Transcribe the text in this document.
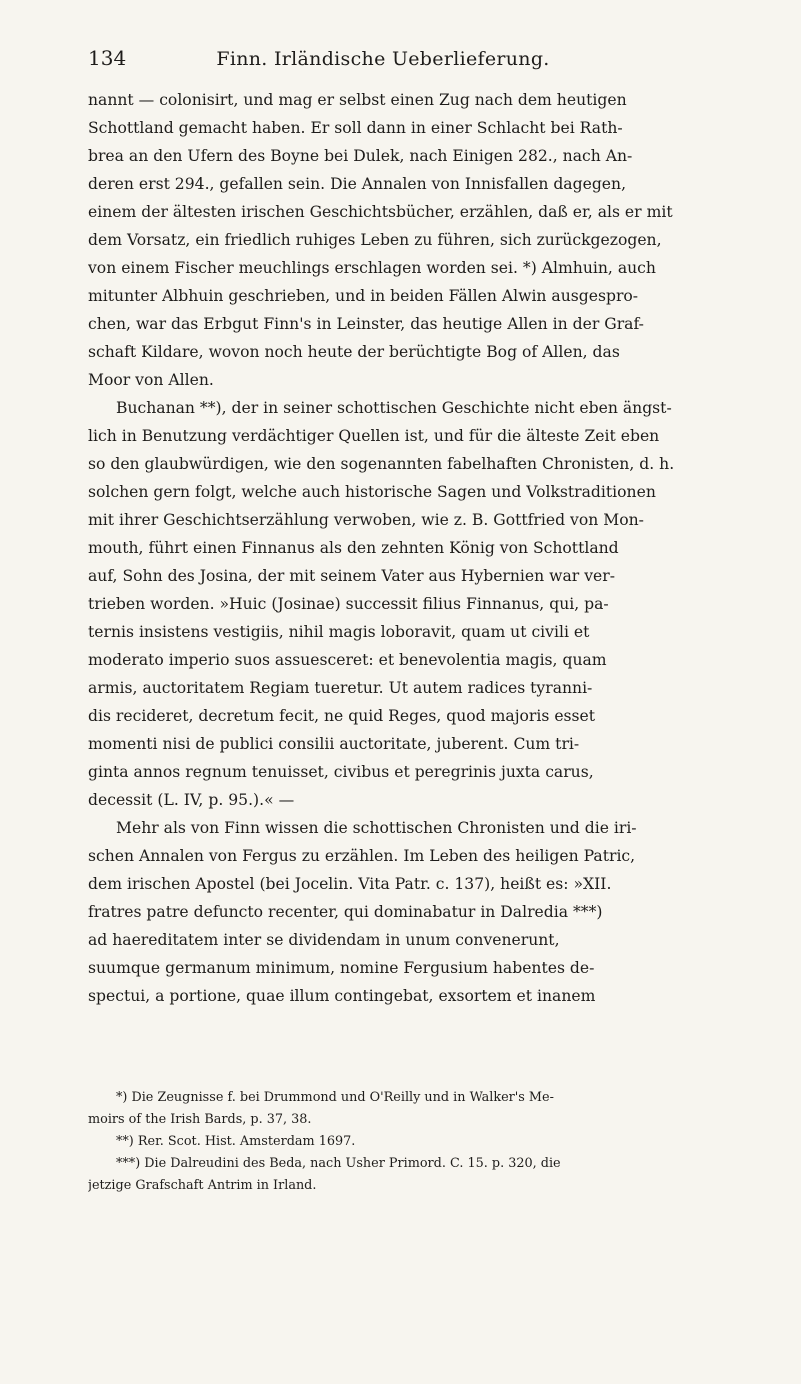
134	Finn. Irländische Ueberlieferung.
nannt — colonisirt, und mag er selbst einen Zug nach dem heutigen
Schottland gemacht haben. Er soll dann in einer Schlacht bei Rath-
brea an den Ufern des Boyne bei Dulek, nach Einigen 282., nach An-
deren erst 294., gefallen sein. Die Annalen von Innisfallen dagegen,
einem der ältesten irischen Geschichtsbücher, erzählen, daß er, als er mit
dem Vorsatz, ein friedlich ruhiges Leben zu führen, sich zurückgezogen,
von einem Fischer meuchlings erschlagen worden sei. *) Almhuin, auch
mitunter Albhuin geschrieben, und in beiden Fällen Alwin ausgespro-
chen, war das Erbgut Finn's in Leinster, das heutige Allen in der Graf-
schaft Kildare, wovon noch heute der berüchtigte Bog of Allen, das
Moor von Allen.
Buchanan **), der in seiner schottischen Geschichte nicht eben ängst-
lich in Benutzung verdächtiger Quellen ist, und für die älteste Zeit eben
so den glaubwürdigen, wie den sogenannten fabelhaften Chronisten, d. h.
solchen gern folgt, welche auch historische Sagen und Volkstraditionen
mit ihrer Geschichtserzählung verwoben, wie z. B. Gottfried von Mon-
mouth, führt einen Finnanus als den zehnten König von Schottland
auf, Sohn des Josina, der mit seinem Vater aus Hybernien war ver-
trieben worden. »Huic (Josinae) successit filius Finnanus, qui, pa-
ternis insistens vestigiis, nihil magis loboravit, quam ut civili et
moderato imperio suos assuesceret: et benevolentia magis, quam
armis, auctoritatem Regiam tueretur. Ut autem radices tyranni-
dis recideret, decretum fecit, ne quid Reges, quod majoris esset
momenti nisi de publici consilii auctoritate, juberent. Cum tri-
ginta annos regnum tenuisset, civibus et peregrinis juxta carus,
decessit (L. IV, p. 95.).« —
Mehr als von Finn wissen die schottischen Chronisten und die iri-
schen Annalen von Fergus zu erzählen. Im Leben des heiligen Patric,
dem irischen Apostel (bei Jocelin. Vita Patr. c. 137), heißt es: »XII.
fratres patre defuncto recenter, qui dominabatur in Dalredia ***)
ad haereditatem inter se dividendam in unum convenerunt,
suumque germanum minimum, nomine Fergusium habentes de-
spectui, a portione, quae illum contingebat, exsortem et inanem
*) Die Zeugnisse f. bei Drummond und O'Reilly und in Walker's Me-
moirs of the Irish Bards, p. 37, 38.
**) Rer. Scot. Hist. Amsterdam 1697.
***) Die Dalreudini des Beda, nach Usher Primord. C. 15. p. 320, die
jetzige Grafschaft Antrim in Irland.
